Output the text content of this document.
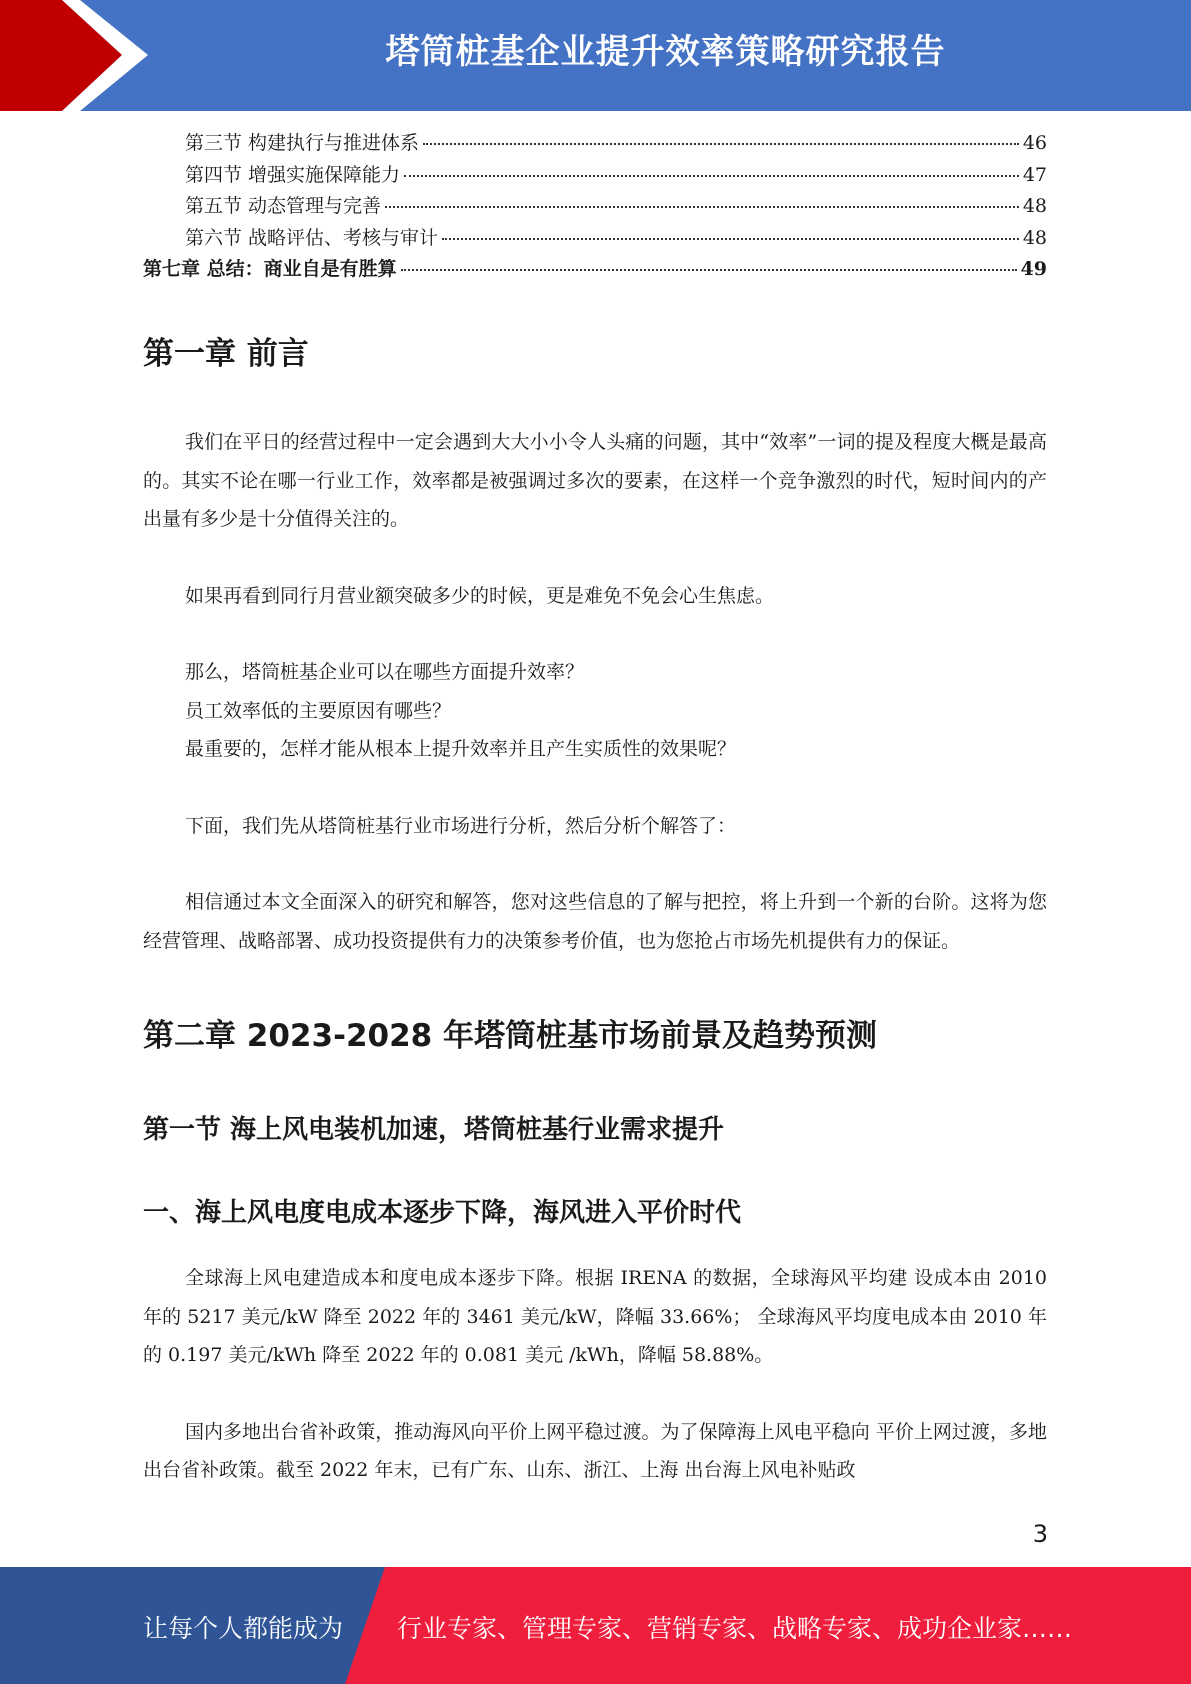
塔筒桩基企业提升效率策略研究报告
第三节 构建执行与推进体系	46
第四节 增强实施保障能力	47
第五节 动态管理与完善	48
第六节 战略评估、考核与审计	48
第七章 总结：商业自是有胜算	49
第一章 前言

我们在平日的经营过程中一定会遇到大大小小令人头痛的问题，其中“效率”一词的提及程度大概是最高的。其实不论在哪一行业工作，效率都是被强调过多次的要素，在这样一个竞争激烈的时代，短时间内的产出量有多少是十分值得关注的。

如果再看到同行月营业额突破多少的时候，更是难免不免会心生焦虑。

那么，塔筒桩基企业可以在哪些方面提升效率？
员工效率低的主要原因有哪些？
最重要的，怎样才能从根本上提升效率并且产生实质性的效果呢？

下面，我们先从塔筒桩基行业市场进行分析，然后分析个解答了：

相信通过本文全面深入的研究和解答，您对这些信息的了解与把控，将上升到一个新的台阶。这将为您经营管理、战略部署、成功投资提供有力的决策参考价值，也为您抢占市场先机提供有力的保证。

第二章 2023-2028 年塔筒桩基市场前景及趋势预测
第一节 海上风电装机加速，塔筒桩基行业需求提升
一、海上风电度电成本逐步下降，海风进入平价时代

全球海上风电建造成本和度电成本逐步下降。根据 IRENA 的数据，全球海风平均建 设成本由 2010 年的 5217 美元/kW 降至 2022 年的 3461 美元/kW，降幅 33.66%； 全球海风平均度电成本由 2010 年的 0.197 美元/kWh 降至 2022 年的 0.081 美元 /kWh，降幅 58.88%。

国内多地出台省补政策，推动海风向平价上网平稳过渡。为了保障海上风电平稳向 平价上网过渡，多地出台省补政策。截至 2022 年末，已有广东、山东、浙江、上海 出台海上风电补贴政

3
让每个人都能成为 行业专家、管理专家、营销专家、战略专家、成功企业家……
